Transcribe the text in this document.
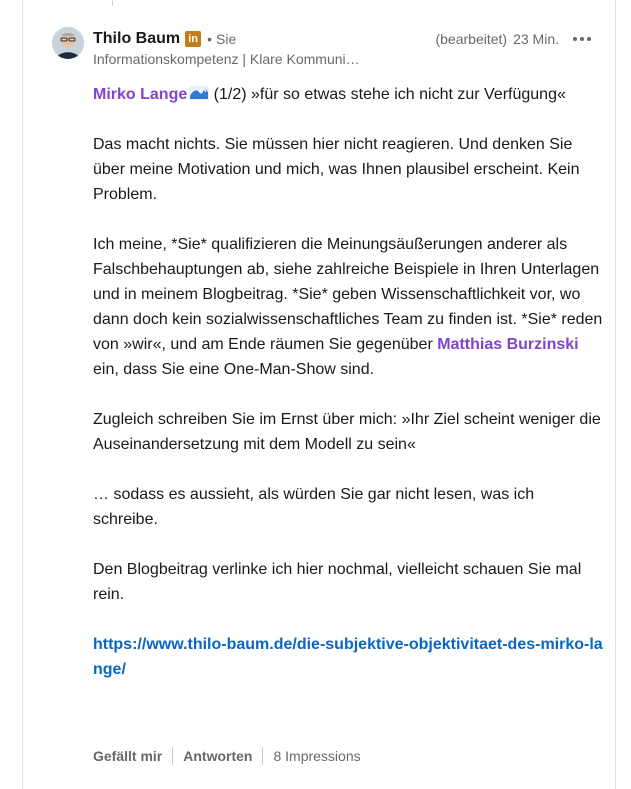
Thilo Baum in • Sie
Informationskompetenz | Klare Kommuni…
(bearbeitet) 23 Min.

Mirko Lange (1/2) »für so etwas stehe ich nicht zur Verfügung«

Das macht nichts. Sie müssen hier nicht reagieren. Und denken Sie über meine Motivation und mich, was Ihnen plausibel erscheint. Kein Problem.

Ich meine, *Sie* qualifizieren die Meinungsäußerungen anderer als Falschbehauptungen ab, siehe zahlreiche Beispiele in Ihren Unterlagen und in meinem Blogbeitrag. *Sie* geben Wissenschaftlichkeit vor, wo dann doch kein sozialwissenschaftliches Team zu finden ist. *Sie* reden von »wir«, und am Ende räumen Sie gegenüber Matthias Burzinski ein, dass Sie eine One-Man-Show sind.

Zugleich schreiben Sie im Ernst über mich: »Ihr Ziel scheint weniger die Auseinandersetzung mit dem Modell zu sein«

… sodass es aussieht, als würden Sie gar nicht lesen, was ich schreibe.

Den Blogbeitrag verlinke ich hier nochmal, vielleicht schauen Sie mal rein.

https://www.thilo-baum.de/die-subjektive-objektivitaet-des-mirko-lange/

Gefällt mir Antworten 8 Impressions
